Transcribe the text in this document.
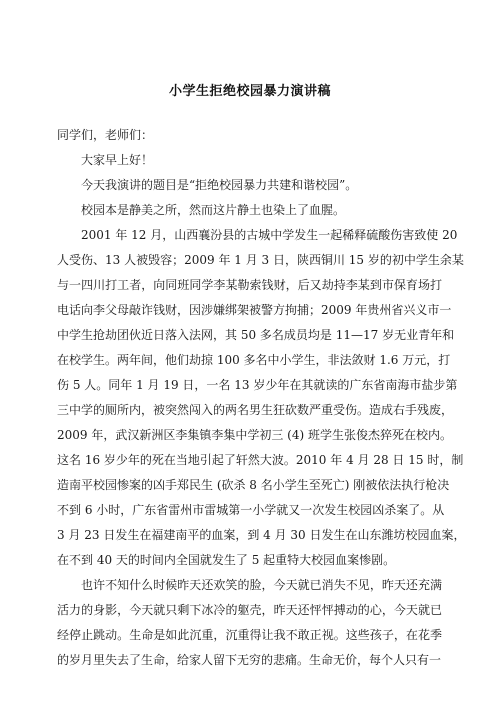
小学生拒绝校园暴力演讲稿
同学们，老师们：
大家早上好！
今天我演讲的题目是“拒绝校园暴力共建和谐校园”。
校园本是静美之所，然而这片静土也染上了血腥。
2001 年 12 月，山西襄汾县的古城中学发生一起稀释硫酸伤害致使 20
人受伤、13 人被毁容；2009 年 1 月 3 日，陕西铜川 15 岁的初中学生余某
与一四川打工者，向同班同学李某勒索钱财，后又劫持李某到市保育场打
电话向李父母敲诈钱财，因涉嫌绑架被警方拘捕；2009 年贵州省兴义市一
中学生抢劫团伙近日落入法网，其 50 多名成员均是 11—17 岁无业青年和
在校学生。两年间，他们劫掠 100 多名中小学生，非法敛财 1.6 万元，打
伤 5 人。同年 1 月 19 日，一名 13 岁少年在其就读的广东省南海市盐步第
三中学的厕所内，被突然闯入的两名男生狂砍数严重受伤。造成右手残废，
2009 年，武汉新洲区李集镇李集中学初三 (4) 班学生张俊杰猝死在校内。
这名 16 岁少年的死在当地引起了轩然大波。2010 年 4 月 28 日 15 时，制
造南平校园惨案的凶手郑民生 (砍杀 8 名小学生至死亡) 刚被依法执行枪决
不到 6 小时，广东省雷州市雷城第一小学就又一次发生校园凶杀案了。从
3 月 23 日发生在福建南平的血案，到 4 月 30 日发生在山东潍坊校园血案，
在不到 40 天的时间内全国就发生了 5 起重特大校园血案惨剧。
也许不知什么时候昨天还欢笑的脸，今天就已消失不见，昨天还充满
活力的身影，今天就只剩下冰冷的躯壳，昨天还怦怦搏动的心，今天就已
经停止跳动。生命是如此沉重，沉重得让我不敢正视。这些孩子，在花季
的岁月里失去了生命，给家人留下无穷的悲痛。生命无价，每个人只有一
